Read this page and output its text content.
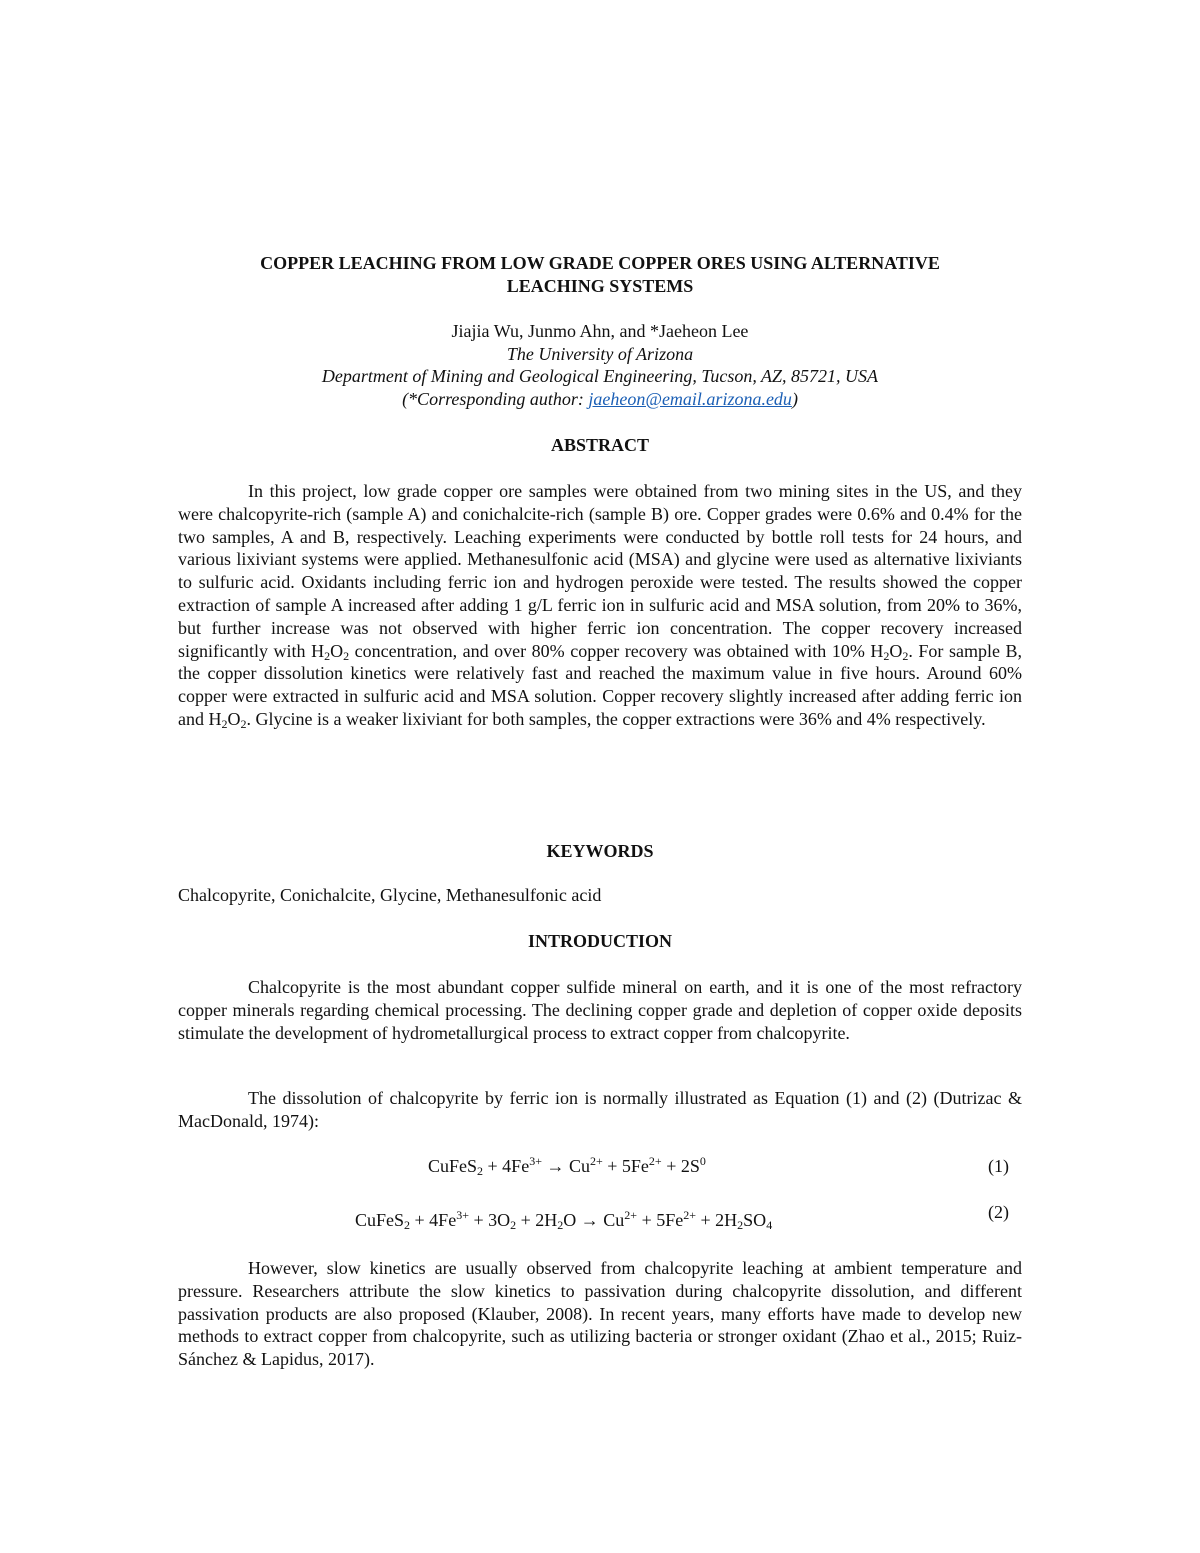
COPPER LEACHING FROM LOW GRADE COPPER ORES USING ALTERNATIVE
LEACHING SYSTEMS
Jiajia Wu, Junmo Ahn, and *Jaeheon Lee
The University of Arizona
Department of Mining and Geological Engineering, Tucson, AZ, 85721, USA
(*Corresponding author: jaeheon@email.arizona.edu)
ABSTRACT
In this project, low grade copper ore samples were obtained from two mining sites in the US, and they were chalcopyrite-rich (sample A) and conichalcite-rich (sample B) ore. Copper grades were 0.6% and 0.4% for the two samples, A and B, respectively. Leaching experiments were conducted by bottle roll tests for 24 hours, and various lixiviant systems were applied. Methanesulfonic acid (MSA) and glycine were used as alternative lixiviants to sulfuric acid. Oxidants including ferric ion and hydrogen peroxide were tested. The results showed the copper extraction of sample A increased after adding 1 g/L ferric ion in sulfuric acid and MSA solution, from 20% to 36%, but further increase was not observed with higher ferric ion concentration. The copper recovery increased significantly with $H_2O_2$ concentration, and over 80% copper recovery was obtained with 10% $H_2O_2$. For sample B, the copper dissolution kinetics were relatively fast and reached the maximum value in five hours. Around 60% copper were extracted in sulfuric acid and MSA solution. Copper recovery slightly increased after adding ferric ion and $H_2O_2$. Glycine is a weaker lixiviant for both samples, the copper extractions were 36% and 4% respectively.
KEYWORDS
Chalcopyrite, Conichalcite, Glycine, Methanesulfonic acid
INTRODUCTION
Chalcopyrite is the most abundant copper sulfide mineral on earth, and it is one of the most refractory copper minerals regarding chemical processing. The declining copper grade and depletion of copper oxide deposits stimulate the development of hydrometallurgical process to extract copper from chalcopyrite.
The dissolution of chalcopyrite by ferric ion is normally illustrated as Equation (1) and (2) (Dutrizac & MacDonald, 1974):
CuFeS$_2$ + $4Fe^{3+} \to Cu^{2+} + 5Fe^{2+} + 2S^0$	(1)
CuFeS$_2$ + $4Fe^{3+} + 3O_2 + 2H_2O \to Cu^{2+} + 5Fe^{2+} + 2H_2SO_4$
(2)
However, slow kinetics are usually observed from chalcopyrite leaching at ambient temperature and pressure. Researchers attribute the slow kinetics to passivation during chalcopyrite dissolution, and different passivation products are also proposed (Klauber, 2008). In recent years, many efforts have made to develop new methods to extract copper from chalcopyrite, such as utilizing bacteria or stronger oxidant (Zhao et al., 2015; Ruiz-Sánchez & Lapidus, 2017).
